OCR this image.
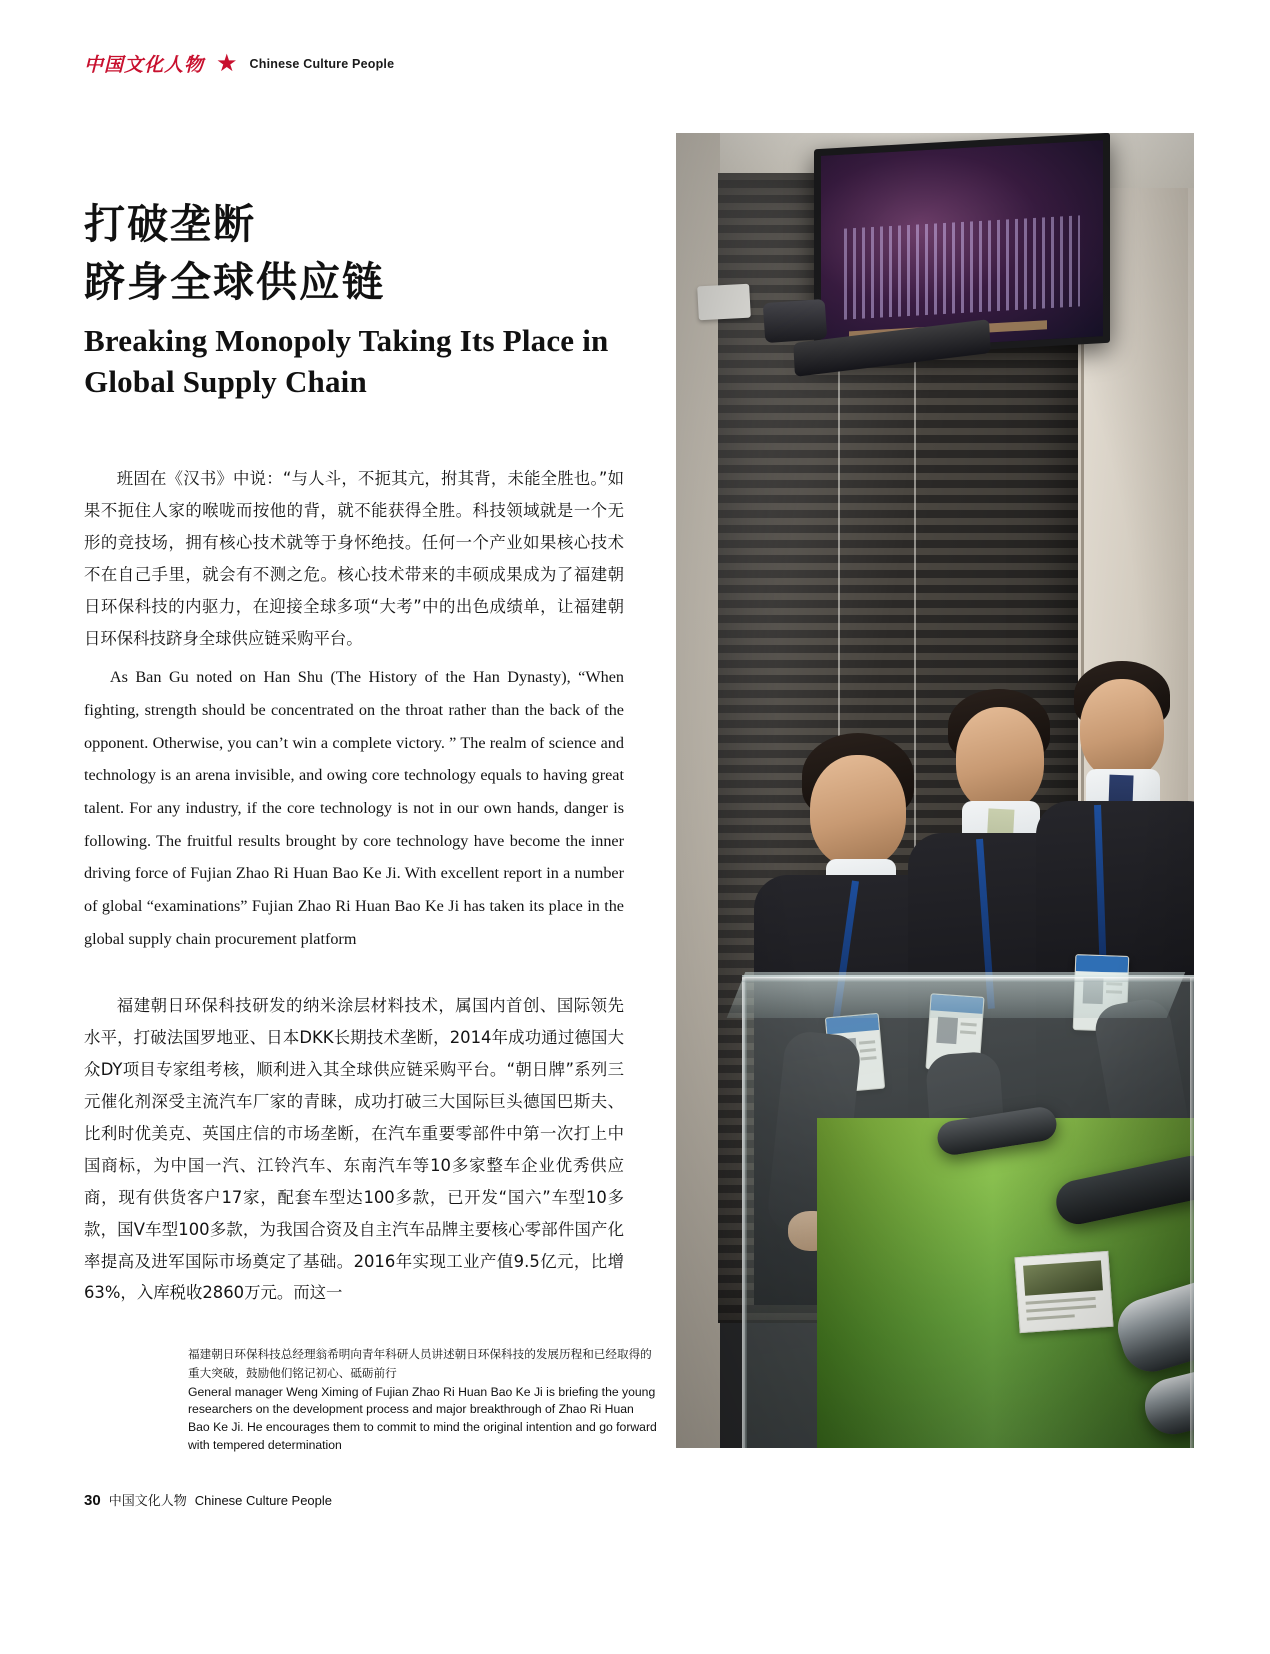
中国文化人物 ★ Chinese Culture People
打破垄断
跻身全球供应链
Breaking Monopoly Taking Its Place in Global Supply Chain

班固在《汉书》中说：“与人斗，不扼其亢，拊其背，未能全胜也。”如果不扼住人家的喉咙而按他的背，就不能获得全胜。科技领域就是一个无形的竞技场，拥有核心技术就等于身怀绝技。任何一个产业如果核心技术不在自己手里，就会有不测之危。核心技术带来的丰硕成果成为了福建朝日环保科技的内驱力，在迎接全球多项“大考”中的出色成绩单，让福建朝日环保科技跻身全球供应链采购平台。

As Ban Gu noted on Han Shu (The History of the Han Dynasty), “When fighting, strength should be concentrated on the throat rather than the back of the opponent. Otherwise, you can’t win a complete victory. ” The realm of science and technology is an arena invisible, and owing core technology equals to having great talent. For any industry, if the core technology is not in our own hands, danger is following. The fruitful results brought by core technology have become the inner driving force of Fujian Zhao Ri Huan Bao Ke Ji. With excellent report in a number of global “examinations” Fujian Zhao Ri Huan Bao Ke Ji has taken its place in the global supply chain procurement platform

福建朝日环保科技研发的纳米涂层材料技术，属国内首创、国际领先水平，打破法国罗地亚、日本DKK长期技术垄断，2014年成功通过德国大众DY项目专家组考核，顺利进入其全球供应链采购平台。“朝日牌”系列三元催化剂深受主流汽车厂家的青睐，成功打破三大国际巨头德国巴斯夫、比利时优美克、英国庄信的市场垄断，在汽车重要零部件中第一次打上中国商标，为中国一汽、江铃汽车、东南汽车等10多家整车企业优秀供应商，现有供货客户17家，配套车型达100多款，已开发“国六”车型10多款，国V车型100多款，为我国合资及自主汽车品牌主要核心零部件国产化率提高及进军国际市场奠定了基础。2016年实现工业产值9.5亿元，比增63%，入库税收2860万元。而这一

福建朝日环保科技总经理翁希明向青年科研人员讲述朝日环保科技的发展历程和已经取得的重大突破，鼓励他们铭记初心、砥砺前行

General manager Weng Ximing of Fujian Zhao Ri Huan Bao Ke Ji is briefing the young researchers on the development process and major breakthrough of Zhao Ri Huan Bao Ke Ji. He encourages them to commit to mind the original intention and go forward with tempered determination

30 中国文化人物 Chinese Culture People
